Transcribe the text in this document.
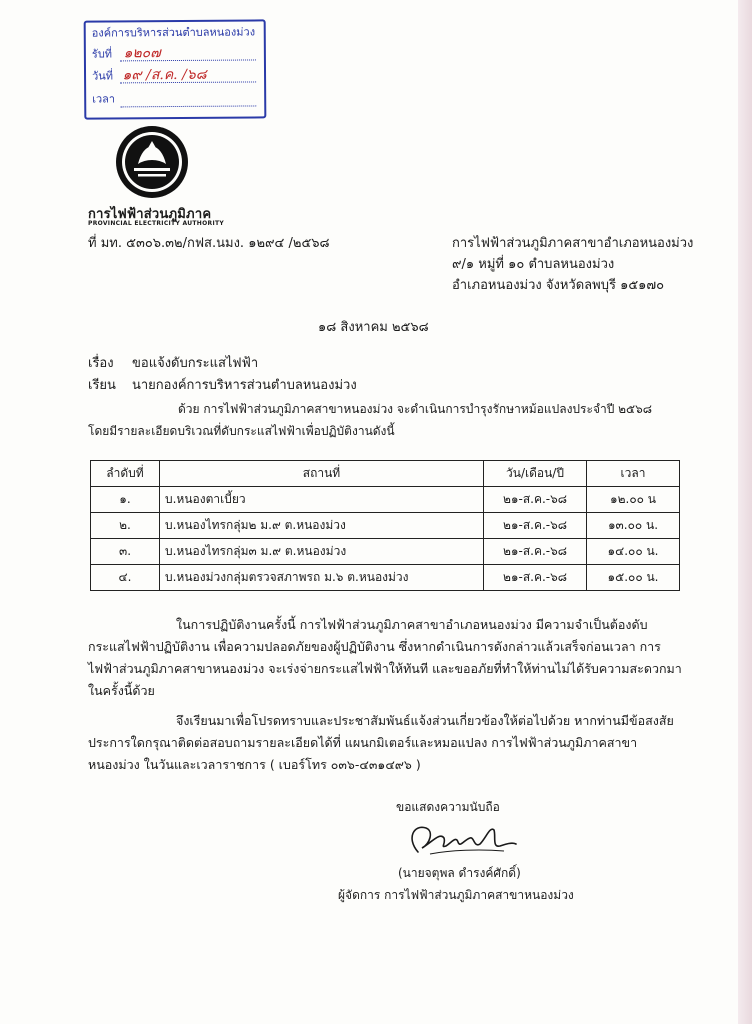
องค์การบริหารส่วนตำบลหนองม่วง
รับที่ ๑๒๐๗
วันที่ ๑๙ /ส.ค. /๖๘
เวลา
การไฟฟ้าส่วนภูมิภาค
PROVINCIAL ELECTRICITY AUTHORITY
ที่ มท. ๕๓๐๖.๓๒/กฟส.นมง. ๑๒๙๔ /๒๕๖๘	การไฟฟ้าส่วนภูมิภาคสาขาอำเภอหนองม่วง
๙/๑ หมู่ที่ ๑๐ ตำบลหนองม่วง
อำเภอหนองม่วง จังหวัดลพบุรี ๑๕๑๗๐
๑๘ สิงหาคม ๒๕๖๘
เรื่อง ขอแจ้งดับกระแสไฟฟ้า
เรียน นายกองค์การบริหารส่วนตำบลหนองม่วง
ด้วย การไฟฟ้าส่วนภูมิภาคสาขาหนองม่วง จะดำเนินการบำรุงรักษาหม้อแปลงประจำปี ๒๕๖๘
โดยมีรายละเอียดบริเวณที่ดับกระแสไฟฟ้าเพื่อปฏิบัติงานดังนี้
ลำดับที่	สถานที่	วัน/เดือน/ปี	เวลา
๑.	บ.หนองตาเบี้ยว	๒๑-ส.ค.-๖๘	๑๒.๐๐ น
๒.	บ.หนองไทรกลุ่ม๒ ม.๙ ต.หนองม่วง	๒๑-ส.ค.-๖๘	๑๓.๐๐ น.
๓.	บ.หนองไทรกลุ่ม๓ ม.๙ ต.หนองม่วง	๒๑-ส.ค.-๖๘	๑๔.๐๐ น.
๔.	บ.หนองม่วงกลุ่มตรวจสภาพรถ ม.๖ ต.หนองม่วง	๒๑-ส.ค.-๖๘	๑๕.๐๐ น.
ในการปฏิบัติงานครั้งนี้ การไฟฟ้าส่วนภูมิภาคสาขาอำเภอหนองม่วง มีความจำเป็นต้องดับ
กระแสไฟฟ้าปฏิบัติงาน เพื่อความปลอดภัยของผู้ปฏิบัติงาน ซึ่งหากดำเนินการดังกล่าวแล้วเสร็จก่อนเวลา การ
ไฟฟ้าส่วนภูมิภาคสาขาหนองม่วง จะเร่งจ่ายกระแสไฟฟ้าให้ทันที และขออภัยที่ทำให้ท่านไม่ได้รับความสะดวกมา
ในครั้งนี้ด้วย
จึงเรียนมาเพื่อโปรดทราบและประชาสัมพันธ์แจ้งส่วนเกี่ยวข้องให้ต่อไปด้วย หากท่านมีข้อสงสัย
ประการใดกรุณาติดต่อสอบถามรายละเอียดได้ที่ แผนกมิเตอร์และหมอแปลง การไฟฟ้าส่วนภูมิภาคสาขา
หนองม่วง ในวันและเวลาราชการ ( เบอร์โทร ๐๓๖-๔๓๑๔๙๖ )
ขอแสดงความนับถือ
(นายจตุพล ดำรงค์ศักดิ์)
ผู้จัดการ การไฟฟ้าส่วนภูมิภาคสาขาหนองม่วง
